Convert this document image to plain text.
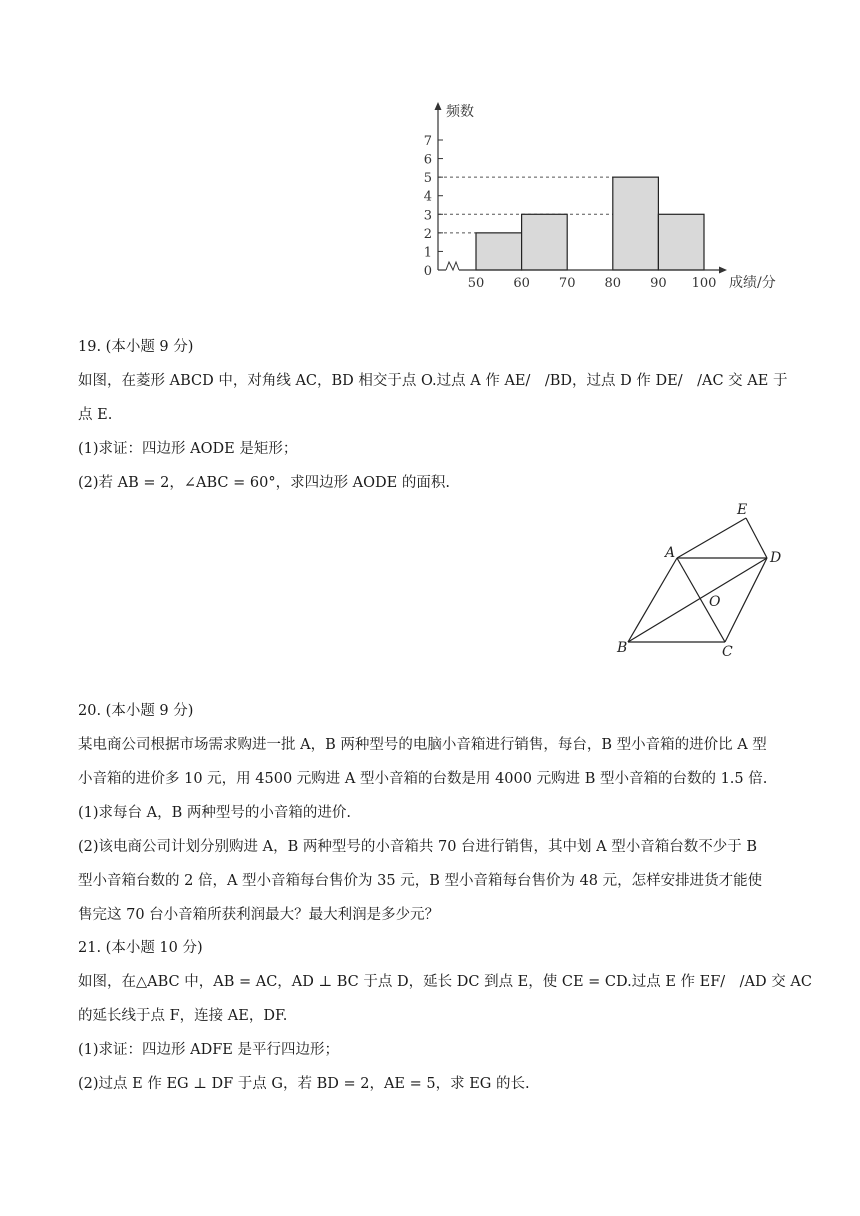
0
1
2
3
4
5
6
7
50 60 70 80 90 100
频数
成绩/分
19. (本小题 9 分)
如图，在菱形 ABCD 中，对角线 AC，BD 相交于点 O.过点 A 作 AE/　/BD，过点 D 作 DE/　/AC 交 AE 于
点 E.
(1)求证：四边形 AODE 是矩形；
(2)若 AB = 2，∠ABC = 60°，求四边形 AODE 的面积.
E
A	D
O
B	C
20. (本小题 9 分)
某电商公司根据市场需求购进一批 A，B 两种型号的电脑小音箱进行销售，每台，B 型小音箱的进价比 A 型
小音箱的进价多 10 元，用 4500 元购进 A 型小音箱的台数是用 4000 元购进 B 型小音箱的台数的 1.5 倍.
(1)求每台 A，B 两种型号的小音箱的进价.
(2)该电商公司计划分别购进 A，B 两种型号的小音箱共 70 台进行销售，其中划 A 型小音箱台数不少于 B
型小音箱台数的 2 倍，A 型小音箱每台售价为 35 元，B 型小音箱每台售价为 48 元，怎样安排进货才能使
售完这 70 台小音箱所获利润最大？最大利润是多少元？
21. (本小题 10 分)
如图，在△ABC 中，AB = AC，AD ⊥ BC 于点 D，延长 DC 到点 E，使 CE = CD.过点 E 作 EF/　/AD 交 AC
的延长线于点 F，连接 AE，DF.
(1)求证：四边形 ADFE 是平行四边形；
(2)过点 E 作 EG ⊥ DF 于点 G，若 BD = 2，AE = 5，求 EG 的长.
